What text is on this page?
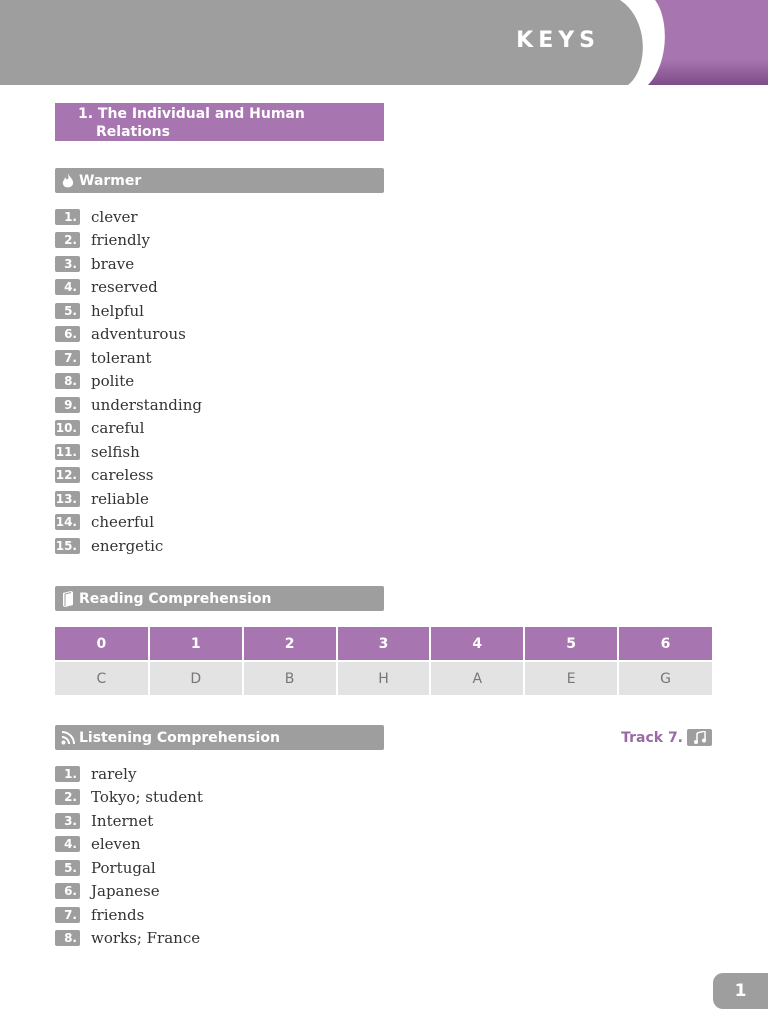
KEYS
1. The Individual and Human
Relations
Warmer
1. clever
2. friendly
3. brave
4. reserved
5. helpful
6. adventurous
7. tolerant
8. polite
9. understanding
10. careful
11. selfish
12. careless
13. reliable
14. cheerful
15. energetic
Reading Comprehension
0	1	2	3	4	5	6
C	D	B	H	A	E	G
Listening Comprehension	Track 7.
1. rarely
2. Tokyo; student
3. Internet
4. eleven
5. Portugal
6. Japanese
7. friends
8. works; France
1
